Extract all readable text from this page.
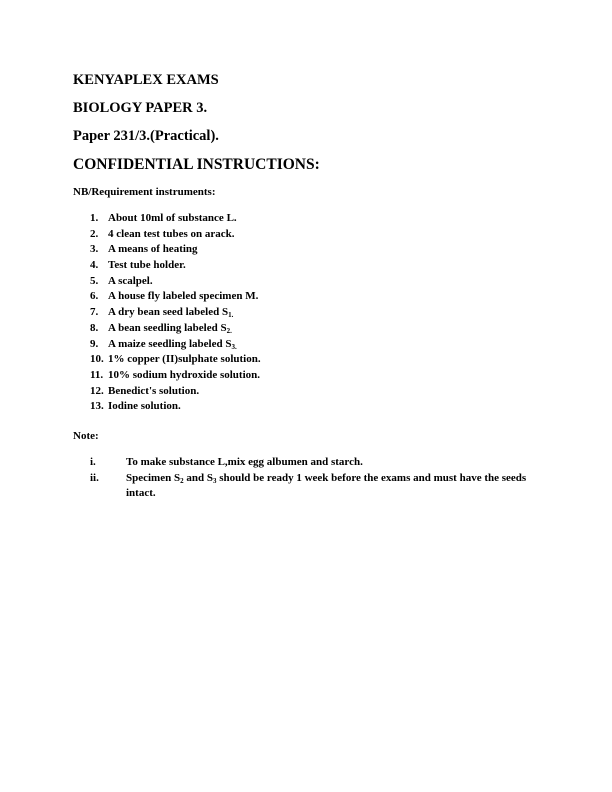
KENYAPLEX EXAMS

BIOLOGY PAPER 3.

Paper 231/3.(Practical).

CONFIDENTIAL INSTRUCTIONS:

NB/Requirement instruments:
1. About 10ml of substance L.
2. 4 clean test tubes on arack.
3. A means of heating
4. Test tube holder.
5. A scalpel.
6. A house fly labeled specimen M.
7. A dry bean seed labeled $S_{1.}$
8. A bean seedling labeled $S_{2.}$
9. A maize seedling labeled $S_{3.}$
10. 1% copper (II)sulphate solution.
11. 10% sodium hydroxide solution.
12. Benedict's solution.
13. Iodine solution.
Note:
i.	To make substance L,mix egg albumen and starch.
ii. Specimen $S_2$ and $S_3$ should be ready 1 week before the exams and must have the seeds intact.
